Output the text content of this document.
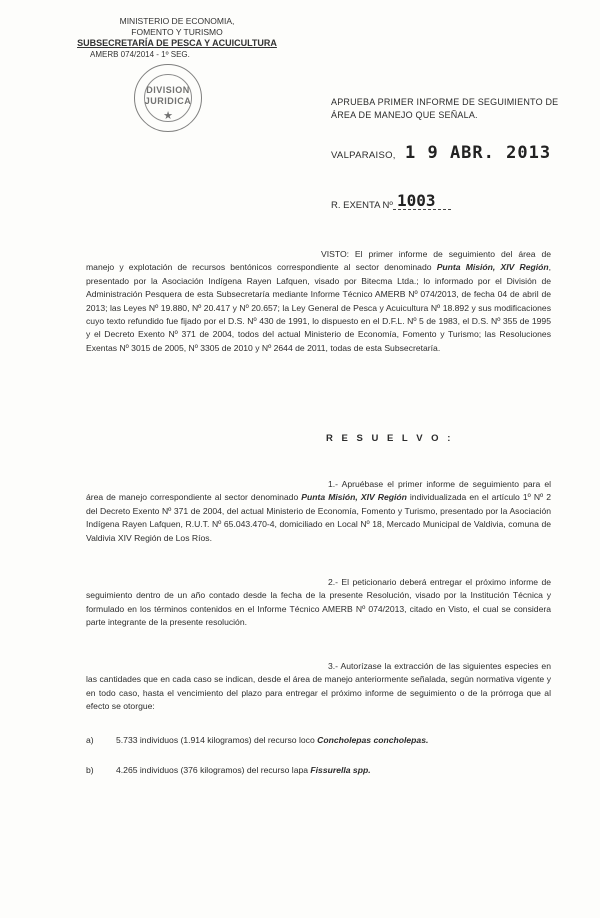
MINISTERIO DE ECONOMIA,
FOMENTO Y TURISMO
SUBSECRETARÍA DE PESCA Y ACUICULTURA
AMERB 074/2014 - 1º SEG.
DIVISION
JURIDICA
★
APRUEBA PRIMER INFORME DE SEGUIMIENTO DE ÁREA DE MANEJO QUE SEÑALA.
VALPARAISO, 1 9 ABR. 2013
R. EXENTA Nº 1003
VISTO: El primer informe de seguimiento del área de manejo y explotación de recursos bentónicos correspondiente al sector denominado Punta Misión, XIV Región, presentado por la Asociación Indígena Rayen Lafquen, visado por Bitecma Ltda.; lo informado por el División de Administración Pesquera de esta Subsecretaría mediante Informe Técnico AMERB Nº 074/2013, de fecha 04 de abril de 2013; las Leyes Nº 19.880, Nº 20.417 y Nº 20.657; la Ley General de Pesca y Acuicultura Nº 18.892 y sus modificaciones cuyo texto refundido fue fijado por el D.S. Nº 430 de 1991, lo dispuesto en el D.F.L. Nº 5 de 1983, el D.S. Nº 355 de 1995 y el Decreto Exento Nº 371 de 2004, todos del actual Ministerio de Economía, Fomento y Turismo; las Resoluciones Exentas Nº 3015 de 2005, Nº 3305 de 2010 y Nº 2644 de 2011, todas de esta Subsecretaría.
R E S U E L V O :
1.- Apruébase el primer informe de seguimiento para el área de manejo correspondiente al sector denominado Punta Misión, XIV Región individualizada en el artículo 1º Nº 2 del Decreto Exento Nº 371 de 2004, del actual Ministerio de Economía, Fomento y Turismo, presentado por la Asociación Indígena Rayen Lafquen, R.U.T. Nº 65.043.470-4, domiciliado en Local Nº 18, Mercado Municipal de Valdivia, comuna de Valdivia XIV Región de Los Ríos.
2.- El peticionario deberá entregar el próximo informe de seguimiento dentro de un año contado desde la fecha de la presente Resolución, visado por la Institución Técnica y formulado en los términos contenidos en el Informe Técnico AMERB Nº 074/2013, citado en Visto, el cual se considera parte integrante de la presente resolución.
3.- Autorízase la extracción de las siguientes especies en las cantidades que en cada caso se indican, desde el área de manejo anteriormente señalada, según normativa vigente y en todo caso, hasta el vencimiento del plazo para entregar el próximo informe de seguimiento o de la prórroga que al efecto se otorgue:
a)	5.733 individuos (1.914 kilogramos) del recurso loco Concholepas concholepas.
b)	4.265 individuos (376 kilogramos) del recurso lapa Fissurella spp.
